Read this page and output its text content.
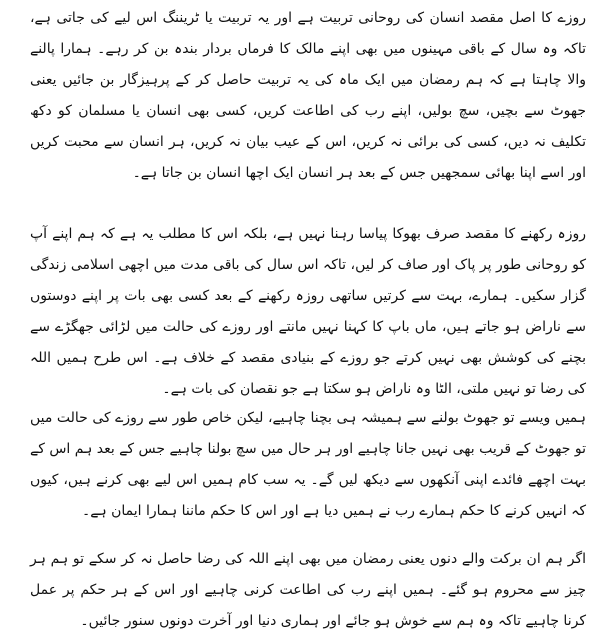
روزے کا اصل مقصد انسان کی روحانی تربیت ہے اور یہ تربیت یا ٹریننگ اس لیے کی جاتی ہے، تاکہ وہ سال کے باقی مہینوں میں بھی اپنے مالک کا فرماں بردار بندہ بن کر رہے۔ ہمارا پالنے والا چاہتا ہے کہ ہم رمضان میں ایک ماہ کی یہ تربیت حاصل کر کے پرہیزگار بن جائیں یعنی جھوٹ سے بچیں، سچ بولیں، اپنے رب کی اطاعت کریں، کسی بھی انسان یا مسلمان کو دکھ تکلیف نہ دیں، کسی کی برائی نہ کریں، اس کے عیب بیان نہ کریں، ہر انسان سے محبت کریں اور اسے اپنا بھائی سمجھیں جس کے بعد ہر انسان ایک اچھا انسان بن جاتا ہے۔

روزہ رکھنے کا مقصد صرف بھوکا پیاسا رہنا نہیں ہے، بلکہ اس کا مطلب یہ ہے کہ ہم اپنے آپ کو روحانی طور پر پاک اور صاف کر لیں، تاکہ اس سال کی باقی مدت میں اچھی اسلامی زندگی گزار سکیں۔ ہمارے، بہت سے کرتیں ساتھی روزہ رکھنے کے بعد کسی بھی بات پر اپنے دوستوں سے ناراض ہو جاتے ہیں، ماں باپ کا کہنا نہیں مانتے اور روزے کی حالت میں لڑائی جھگڑے سے بچنے کی کوشش بھی نہیں کرتے جو روزے کے بنیادی مقصد کے خلاف ہے۔ اس طرح ہمیں اللہ کی رضا تو نہیں ملتی، الٹا وہ ناراض ہو سکتا ہے جو نقصان کی بات ہے۔

ہمیں ویسے تو جھوٹ بولنے سے ہمیشہ ہی بچنا چاہیے، لیکن خاص طور سے روزے کی حالت میں تو جھوٹ کے قریب بھی نہیں جانا چاہیے اور ہر حال میں سچ بولنا چاہیے جس کے بعد ہم اس کے بہت اچھے فائدے اپنی آنکھوں سے دیکھ لیں گے۔ یہ سب کام ہمیں اس لیے بھی کرنے ہیں، کیوں کہ انہیں کرنے کا حکم ہمارے رب نے ہمیں دیا ہے اور اس کا حکم ماننا ہمارا ایمان ہے۔

اگر ہم ان برکت والے دنوں یعنی رمضان میں بھی اپنے اللہ کی رضا حاصل نہ کر سکے تو ہم ہر چیز سے محروم ہو گئے۔ ہمیں اپنے رب کی اطاعت کرنی چاہیے اور اس کے ہر حکم پر عمل کرنا چاہیے تاکہ وہ ہم سے خوش ہو جائے اور ہماری دنیا اور آخرت دونوں سنور جائیں۔
